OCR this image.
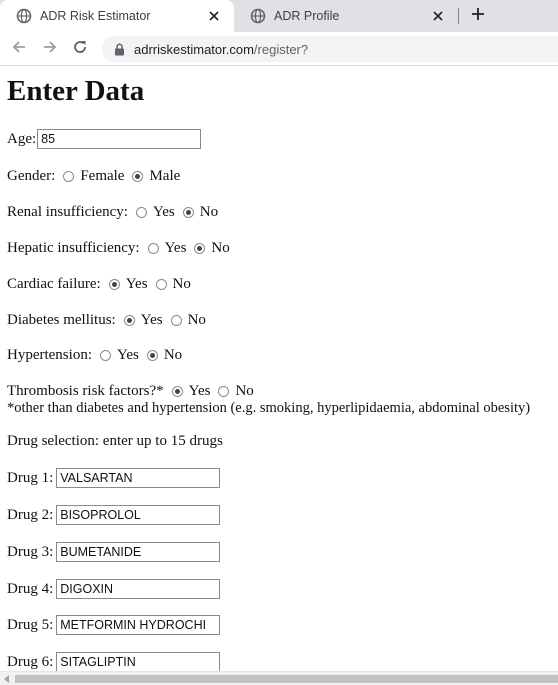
ADR Risk Estimator	ADR Profile
adrriskestimator.com /register?
Enter Data
Age:
85
Gender: Female Male
Renal insufficiency: Yes No
Hepatic insufficiency: Yes No
Cardiac failure: Yes No
Diabetes mellitus: Yes No
Hypertension: Yes No
Thrombosis risk factors?* Yes No
*other than diabetes and hypertension (e.g. smoking, hyperlipidaemia, abdominal obesity)
Drug selection: enter up to 15 drugs
Drug 1:
VALSARTAN
Drug 2:
BISOPROLOL
Drug 3:
BUMETANIDE
Drug 4:
DIGOXIN
Drug 5:
METFORMIN HYDROCHI
Drug 6:
SITAGLIPTIN
